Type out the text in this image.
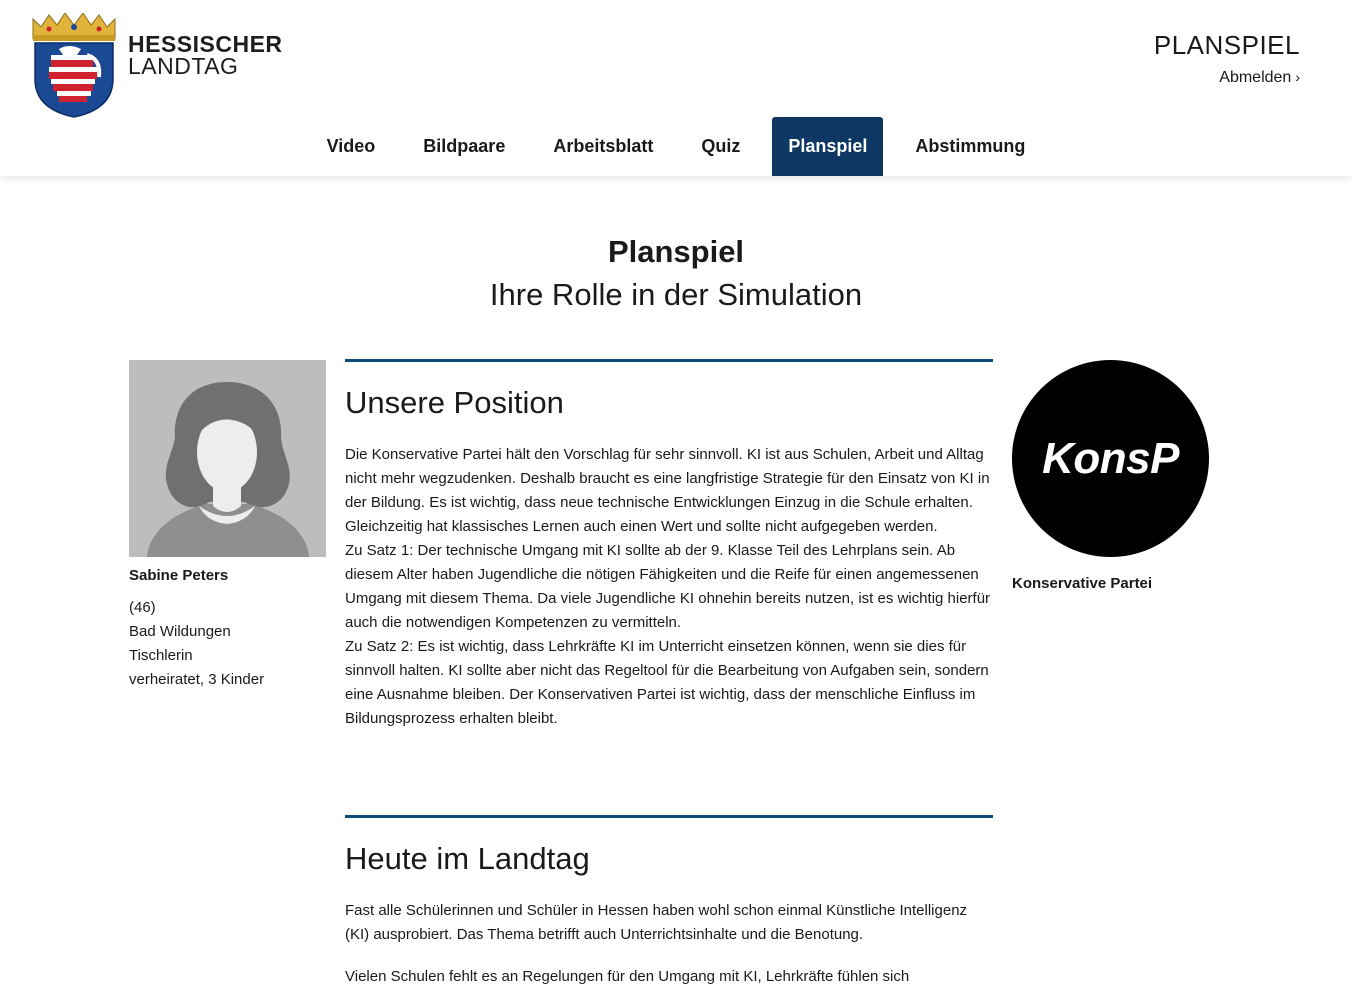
HESSISCHER
LANDTAG
PLANSPIEL
Abmelden ›
Video	Bildpaare	Arbeitsblatt	Quiz	Planspiel	Abstimmung
Planspiel
Ihre Rolle in der Simulation
Sabine Peters
(46)
Bad Wildungen
Tischlerin
verheiratet, 3 Kinder
KonsP
Konservative Partei
Unsere Position

Die Konservative Partei hält den Vorschlag für sehr sinnvoll. KI ist aus Schulen, Arbeit und Alltag nicht mehr wegzudenken. Deshalb braucht es eine langfristige Strategie für den Einsatz von KI in der Bildung. Es ist wichtig, dass neue technische Entwicklungen Einzug in die Schule erhalten. Gleichzeitig hat klassisches Lernen auch einen Wert und sollte nicht aufgegeben werden.

Zu Satz 1: Der technische Umgang mit KI sollte ab der 9. Klasse Teil des Lehrplans sein. Ab diesem Alter haben Jugendliche die nötigen Fähigkeiten und die Reife für einen angemessenen Umgang mit diesem Thema. Da viele Jugendliche KI ohnehin bereits nutzen, ist es wichtig hierfür auch die notwendigen Kompetenzen zu vermitteln.

Zu Satz 2: Es ist wichtig, dass Lehrkräfte KI im Unterricht einsetzen können, wenn sie dies für sinnvoll halten. KI sollte aber nicht das Regeltool für die Bearbeitung von Aufgaben sein, sondern eine Ausnahme bleiben. Der Konservativen Partei ist wichtig, dass der menschliche Einfluss im Bildungsprozess erhalten bleibt.

Heute im Landtag

Fast alle Schülerinnen und Schüler in Hessen haben wohl schon einmal Künstliche Intelligenz (KI) ausprobiert. Das Thema betrifft auch Unterrichtsinhalte und die Benotung.

Vielen Schulen fehlt es an Regelungen für den Umgang mit KI, Lehrkräfte fühlen sich
